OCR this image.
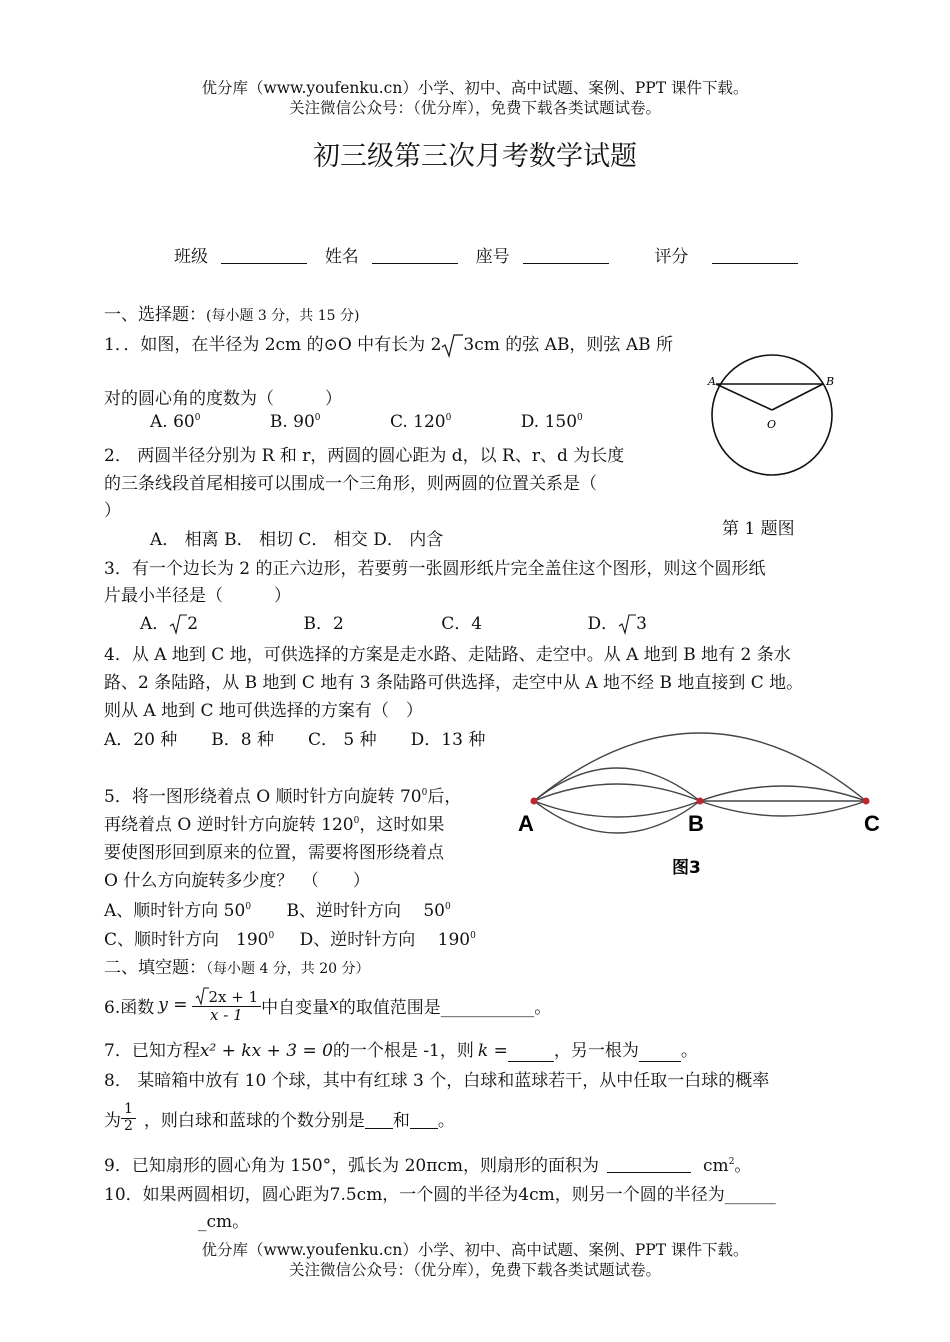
优分库（www.youfenku.cn）小学、初中、高中试题、案例、PPT 课件下载。
关注微信公众号：（优分库），免费下载各类试题试卷。
初三级第三次月考数学试题
班级	姓名	座号	评分
一、选择题：(每小题 3 分，共 15 分)
1．．如图，在半径为 2cm 的⊙O 中有长为 2 3cm 的弦 AB，则弦 AB 所
对的圆心角的度数为（　　　）
A. $60^0$	B. $90^0$	C. $120^0$	D. $150^0$
A	B
O
第 1 题图
2． 两圆半径分别为 R 和 r，两圆的圆心距为 d，以 R、r、d 为长度
的三条线段首尾相接可以围成一个三角形，则两圆的位置关系是（
）
A． 相离 B． 相切 C． 相交 D． 内含
3．有一个边长为 2 的正六边形，若要剪一张圆形纸片完全盖住这个图形，则这个圆形纸
片最小半径是（　　　）
A． 2	B．2	C．4	D． 3
4．从 A 地到 C 地，可供选择的方案是走水路、走陆路、走空中。从 A 地到 B 地有 2 条水
路、2 条陆路，从 B 地到 C 地有 3 条陆路可供选择，走空中从 A 地不经 B 地直接到 C 地。
则从 A 地到 C 地可供选择的方案有（　）
A．20 种　　B．8 种　　C． 5 种　　D．13 种
A	B	C
图3
5．将一图形绕着点 O 顺时针方向旋转 $70^0$后，
再绕着点 O 逆时针方向旋转 $120^0$，这时如果
要使图形回到原来的位置，需要将图形绕着点
O 什么方向旋转多少度？　（　　）
A、顺时针方向 $50^0$ B、逆时针方向　 $50^0$
C、顺时针方向　$190^0$ D、逆时针方向　 $190^0$
二、填空题：（每小题 4 分，共 20 分）
6.函数 $y = \frac{2x + 1}{x - 1}$ 中自变量 x 的取值范围是___________。
7．已知方程x² + kx + 3 = 0的一个根是 -1，则 k =	，另一根为 。
8． 某暗箱中放有 10 个球，其中有红球 3 个，白球和蓝球若干，从中任取一白球的概率
为 $\frac{1}{2}$ ，则白球和蓝球的个数分别是
和
。
9．已知扇形的圆心角为 150°，弧长为 20πcm，则扇形的面积为	$cm^2$。
10．如果两圆相切，圆心距为7.5cm，一个圆的半径为4cm，则另一个圆的半径为______
_cm。
优分库（www.youfenku.cn）小学、初中、高中试题、案例、PPT 课件下载。
关注微信公众号：（优分库），免费下载各类试题试卷。
